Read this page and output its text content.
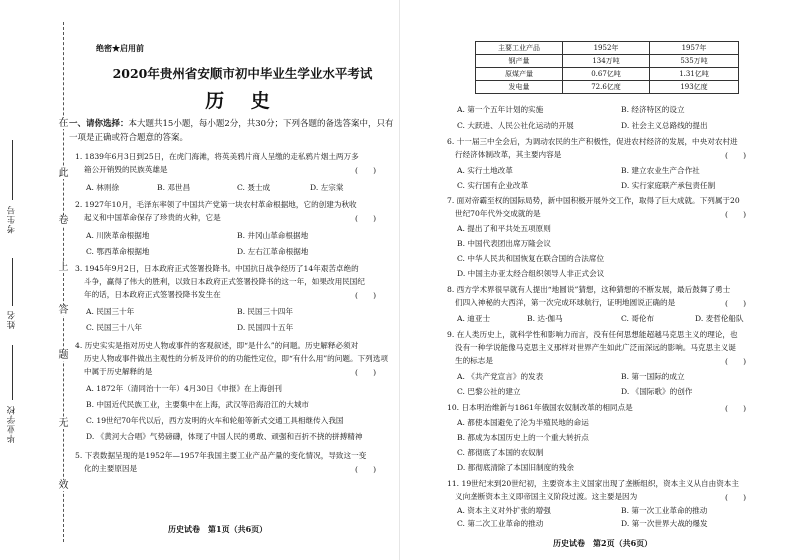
在
此
卷
上
答
题
无
效
考生号
姓名
毕业学校
绝密★启用前
2020年贵州省安顺市初中毕业生学业水平考试
历 史
一、请你选择：本大题共15小题，每小题2分，共30分；下列各题的备选答案中，只有一项是正确或符合题意的答案。
1. 1839年6月3日到25日，在虎门海滩，将英美鸦片商人呈缴的走私鸦片烟土两万多
箱公开销毁的民族英雄是	(　　)
A. 林则徐	B. 邓世昌	C. 聂士成	D. 左宗棠
2. 1927年10月，毛泽东率领了中国共产党第一块农村革命根据地，它的创建为秋收
起义和中国革命保存了珍贵的火种，它是	(　　)
A. 川陕革命根据地	B. 井冈山革命根据地
C. 鄂西革命根据地	D. 左右江革命根据地
3. 1945年9月2日，日本政府正式签署投降书。中国抗日战争经历了14年艰苦卓绝的
斗争，赢得了伟大的胜利，以致日本政府正式签署投降书的这一年，如果改用民国纪
年的话，日本政府正式签署投降书发生在	(　　)
A. 民国三十年	B. 民国三十四年
C. 民国三十八年	D. 民国四十五年
4. 历史实实是指对历史人物或事件的客观叙述，即“是什么”的问题。历史解释必须对
历史人物或事件做出主观性的分析及评价的的功能性定位，即“有什么用”的问题。下列选项
中属于历史解释的是	(　　)
A. 1872年（清同治十一年）4月30日《申报》在上海创刊
B. 中国近代民族工业，主要集中在上海，武汉等沿海沿江的大城市
C. 19世纪70年代以后，西方发明的火车和轮船等新式交通工具相继传入我国
D. 《黄河大合唱》气势磅礴，体现了中国人民的勇敢、顽强和百折不挠的拼搏精神
5. 下表数据呈现的是1952年—1957年我国主要工业产品产量的变化情况，导致这一变
化的主要原因是	(　　)
历史试卷　第1页（共6页）
主要工业产品	1952年	1957年
钢产量	134万吨	535万吨
原煤产量	0.67亿吨	1.31亿吨
发电量	72.6亿度	193亿度
A. 第一个五年计划的实施	B. 经济特区的设立
C. 大跃进、人民公社化运动的开展	D. 社会主义总路线的提出
6. 十一届三中全会后，为调动农民的生产积极性，促进农村经济的发展，中央对农村进
行经济体制改革，其主要内容是	(　　)
A. 实行土地改革	B. 建立农业生产合作社
C. 实行国有企业改革	D. 实行家庭联产承包责任制
7. 面对帝霸至权的国际局势，新中国积极开展外交工作，取得了巨大成就。下列属于20
世纪70年代外交成就的是	(　　)
A. 提出了和平共处五项原则
B. 中国代表团出席万隆会议
C. 中华人民共和国恢复在联合国的合法席位
D. 中国主办亚太经合组织领导人非正式会议
8. 西方学术界很早就有人提出“地圆说”猜想，这种猜想的不断发展，最后鼓舞了勇士
们四入神秘的大西洋，第一次完成环球航行，证明地圆说正确的是	(　　)
A. 迪亚士	B. 达·伽马	C. 哥伦布	D. 麦哲伦船队
9. 在人类历史上，就科学性和影响力而言，没有任何思想能超越马克思主义的理论，也
没有一种学说能像马克思主义那样对世界产生如此广泛而深远的影响。马克思主义诞
生的标志是	(　　)
A. 《共产党宣言》的发表	B. 第一国际的成立
C. 巴黎公社的建立	D. 《国际歌》的创作
10. 日本明治维新与1861年俄国农奴制改革的相同点是	(　　)
A. 都使本国避免了沦为半殖民地的命运
B. 都成为本国历史上的一个重大转折点
C. 都彻底了本国的农奴制
D. 都彻底清除了本国旧制度的残余
11. 19世纪末到20世纪初，主要资本主义国家出现了垄断组织，资本主义从自由资本主
义向垄断资本主义即帝国主义阶段过渡。这主要是因为	(　　)
A. 资本主义对外扩张的增强	B. 第一次工业革命的推动
C. 第二次工业革命的推动	D. 第一次世界大战的爆发
历史试卷　第2页（共6页）
